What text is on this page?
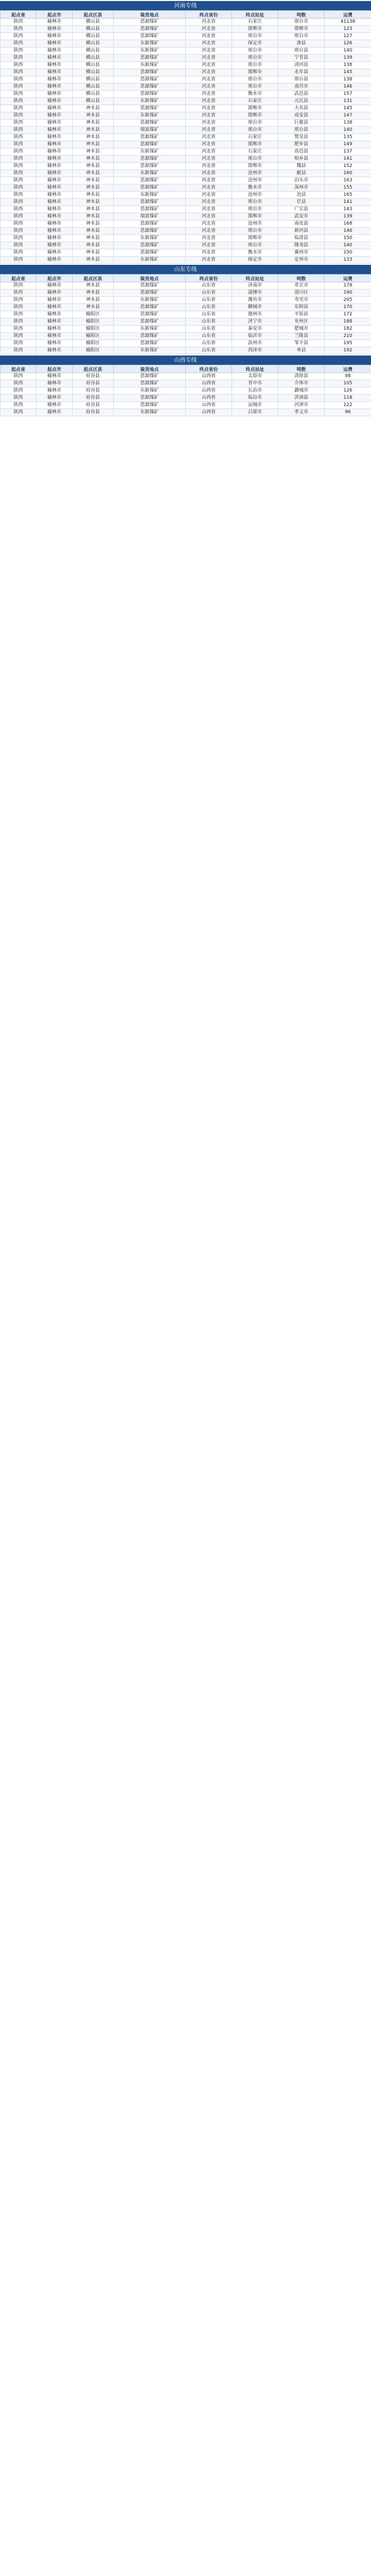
河南专线
起点省	起点市	起点区县	装货地点	终点省份	终点站址	吨数	运费
陕西	榆林市	横山县	思源煤矿	河北省	石家庄	邢台市	41138
陕西	榆林市	横山县	思源煤矿	河北省	邯郸市	邯郸市	123
陕西	榆林市	横山县	思源煤矿	河北省	邢台市	邢台市	127
陕西	榆林市	横山县	东新煤矿	河北省	保定市	唐县	126
陕西	榆林市	横山县	东新煤矿	河北省	邢台市	邢台县	140
陕西	榆林市	横山县	思源煤矿	河北省	邢台市	宁晋县	139
陕西	榆林市	横山县	东新煤矿	河北省	邢台市	清河县	138
陕西	榆林市	横山县	思源煤矿	河北省	邯郸市	永年县	145
陕西	榆林市	横山县	思源煤矿	河北省	邢台市	邢台县	138
陕西	榆林市	横山县	思源煤矿	河北省	邢台市	南宫市	146
陕西	榆林市	横山县	思源煤矿	河北省	衡水市	武邑县	157
陕西	榆林市	横山县	东新煤矿	河北省	石家庄	元氏县	131
陕西	榆林市	神木县	思源煤矿	河北省	邯郸市	大名县	145
陕西	榆林市	神木县	东新煤矿	河北省	邯郸市	成安县	147
陕西	榆林市	神木县	思源煤矿	河北省	邢台市	巨鹿县	138
陕西	榆林市	神木县	瑞富煤矿	河北省	邢台市	邢台县	140
陕西	榆林市	神木县	思源煤矿	河北省	石家庄	赞皇县	135
陕西	榆林市	神木县	思源煤矿	河北省	邯郸市	肥乡县	149
陕西	榆林市	神木县	东新煤矿	河北省	石家庄	高邑县	137
陕西	榆林市	神木县	思源煤矿	河北省	邢台市	柏乡县	141
陕西	榆林市	神木县	思源煤矿	河北省	邯郸市	魏县	152
陕西	榆林市	神木县	东新煤矿	河北省	沧州市	献县	160
陕西	榆林市	神木县	思源煤矿	河北省	沧州市	泊头市	163
陕西	榆林市	神木县	思源煤矿	河北省	衡水市	深州市	155
陕西	榆林市	神木县	东新煤矿	河北省	沧州市	沧县	165
陕西	榆林市	神木县	思源煤矿	河北省	邢台市	任县	141
陕西	榆林市	神木县	思源煤矿	河北省	邢台市	广宗县	143
陕西	榆林市	神木县	瑞富煤矿	河北省	邯郸市	武安市	139
陕西	榆林市	神木县	思源煤矿	河北省	沧州市	南皮县	168
陕西	榆林市	神木县	思源煤矿	河北省	邢台市	新河县	146
陕西	榆林市	神木县	东新煤矿	河北省	邯郸市	临漳县	150
陕西	榆林市	神木县	思源煤矿	河北省	邢台市	隆尧县	140
陕西	榆林市	神木县	思源煤矿	河北省	衡水市	冀州市	150
陕西	榆林市	神木县	东新煤矿	河北省	保定市	定州市	133
山东专线
起点省	起点市	起点区县	装货地点	终点省份	终点站址	吨数	运费
陕西	榆林市	神木县	思源煤矿	山东省	济南市	章丘市	178
陕西	榆林市	神木县	思源煤矿	山东省	淄博市	淄川区	190
陕西	榆林市	神木县	东新煤矿	山东省	潍坊市	寿光市	205
陕西	榆林市	神木县	思源煤矿	山东省	聊城市	东阿县	170
陕西	榆林市	榆阳区	思源煤矿	山东省	德州市	平原县	172
陕西	榆林市	榆阳区	思源煤矿	山东省	济宁市	兖州区	188
陕西	榆林市	榆阳区	东新煤矿	山东省	泰安市	肥城市	182
陕西	榆林市	榆阳区	思源煤矿	山东省	临沂市	兰陵县	210
陕西	榆林市	榆阳区	思源煤矿	山东省	滨州市	邹平县	195
陕西	榆林市	榆阳区	东新煤矿	山东省	菏泽市	单县	192
山西专线
起点省	起点市	起点区县	装货地点	终点省份	终点站址	吨数	运费
陕西	榆林市	府谷县	思源煤矿	山西省	太原市	清徐县	98
陕西	榆林市	府谷县	思源煤矿	山西省	晋中市	介休市	105
陕西	榆林市	府谷县	东新煤矿	山西省	长治市	潞城市	126
陕西	榆林市	府谷县	思源煤矿	山西省	临汾市	洪洞县	118
陕西	榆林市	府谷县	思源煤矿	山西省	运城市	河津市	122
陕西	榆林市	府谷县	东新煤矿	山西省	吕梁市	孝义市	96
